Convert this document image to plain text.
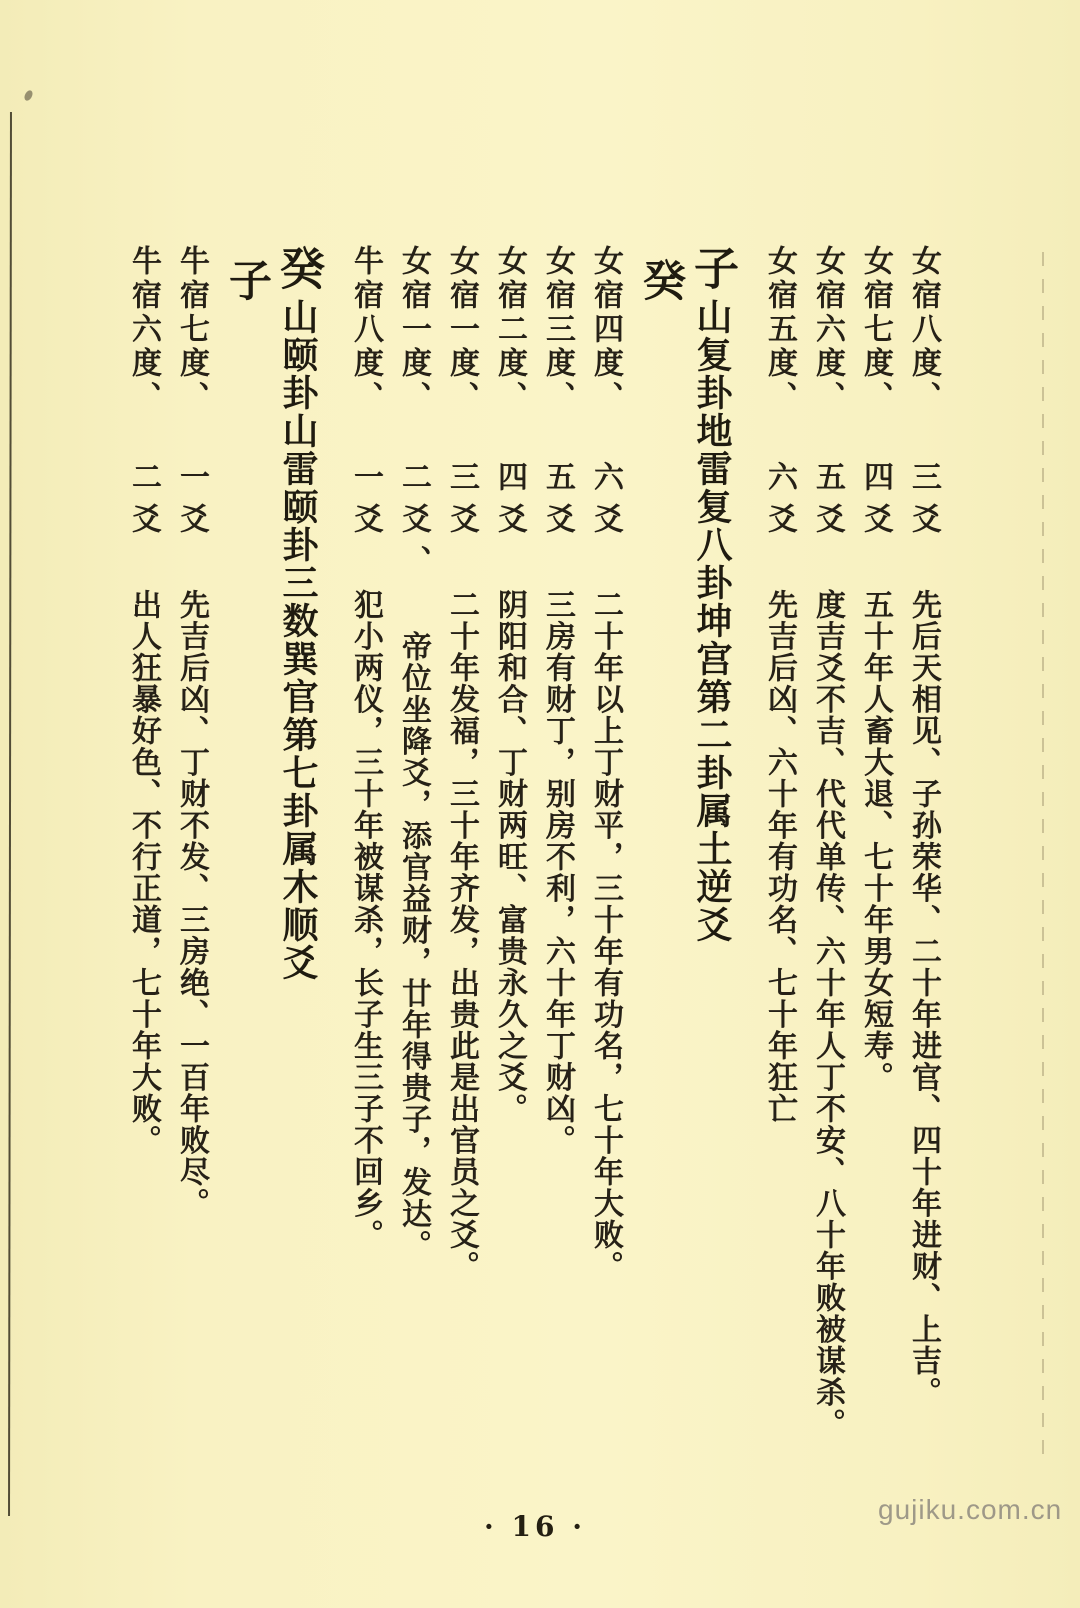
女宿八度、三爻先后天相见、子孙荣华、二十年进官、四十年进财、上吉。
女宿七度、四爻五十年人畜大退、七十年男女短寿。
女宿六度、五爻度吉爻不吉、代代单传、六十年人丁不安、八十年败被谋杀。
女宿五度、六爻先吉后凶、六十年有功名、七十年狂亡
子山复卦地雷复八卦坤宫第二卦属土逆爻
癸
女宿四度、六爻二十年以上丁财平，三十年有功名，七十年大败。
女宿三度、五爻三房有财丁，别房不利，六十年丁财凶。
女宿二度、四爻阴阳和合、丁财两旺、富贵永久之爻。
女宿一度、三爻二十年发福，三十年齐发，出贵此是出官员之爻。
女宿一度、二爻、帝位坐降爻，添官益财，廿年得贵子，发达。
牛宿八度、一爻犯小两仪，三十年被谋杀，长子生三子不回乡。
癸山颐卦山雷颐卦三数巽官第七卦属木顺爻
子
牛宿七度、一爻先吉后凶、丁财不发、三房绝、一百年败尽。
牛宿六度、二爻出人狂暴好色、不行正道，七十年大败。
· 16 ·
gujiku.com.cn
